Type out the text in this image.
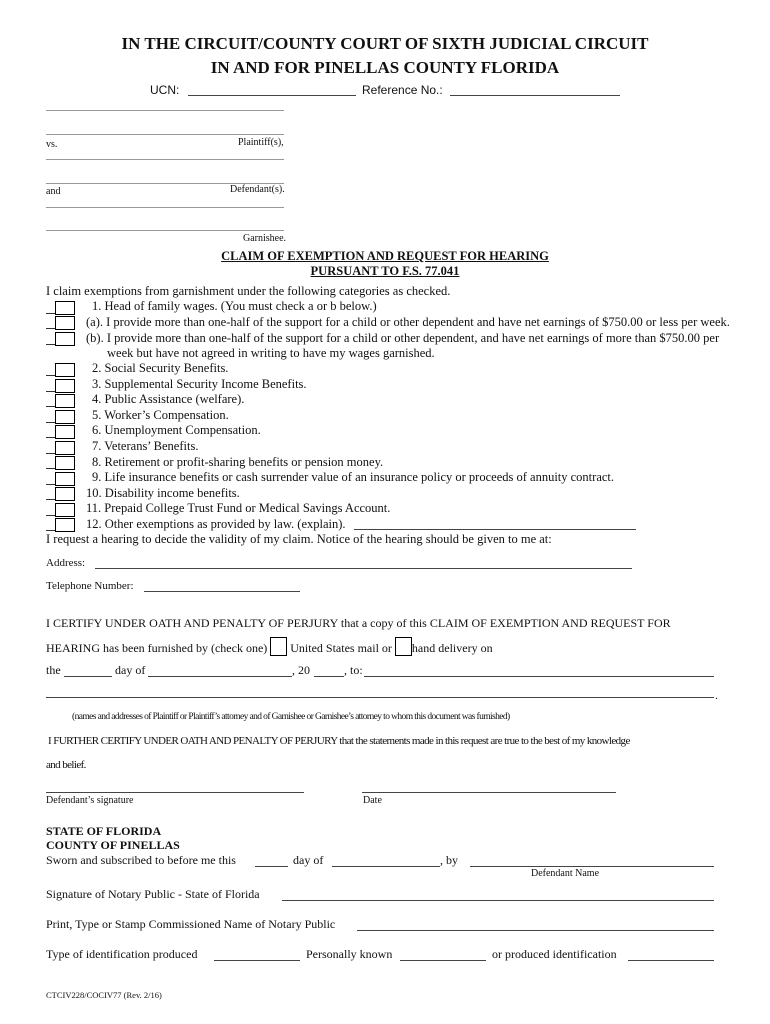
IN THE CIRCUIT/COUNTY COURT OF SIXTH JUDICIAL CIRCUIT
IN AND FOR PINELLAS COUNTY FLORIDA
UCN:	Reference No.:
Plaintiff(s),
vs.
and	Defendant(s).
Garnishee.
CLAIM OF EXEMPTION AND REQUEST FOR HEARING
PURSUANT TO F.S. 77.041
I claim exemptions from garnishment under the following categories as checked.
1. Head of family wages. (You must check a or b below.)
(a). I provide more than one-half of the support for a child or other dependent and have net earnings of $750.00 or less per week.
(b). I provide more than one-half of the support for a child or other dependent, and have net earnings of more than $750.00 per
week but have not agreed in writing to have my wages garnished.
2. Social Security Benefits.
3. Supplemental Security Income Benefits.
4. Public Assistance (welfare).
5. Worker’s Compensation.
6. Unemployment Compensation.
7. Veterans’ Benefits.
8. Retirement or profit-sharing benefits or pension money.
9. Life insurance benefits or cash surrender value of an insurance policy or proceeds of annuity contract.
10. Disability income benefits.
11. Prepaid College Trust Fund or Medical Savings Account.
12. Other exemptions as provided by law. (explain).
I request a hearing to decide the validity of my claim. Notice of the hearing should be given to me at:
Address:
Telephone Number:
I CERTIFY UNDER OATH AND PENALTY OF PERJURY that a copy of this CLAIM OF EXEMPTION AND REQUEST FOR
HEARING has been furnished by (check one) United States mail or hand delivery on
the	day of	, 20	, to:
.
(names and addresses of Plaintiff or Plaintiff’s attorney and of Garnishee or Garnishee’s attorney to whom this document was furnished)
I FURTHER CERTIFY UNDER OATH AND PENALTY OF PERJURY that the statements made in this request are true to the best of my knowledge
and belief.
Defendant’s signature	Date
STATE OF FLORIDA
COUNTY OF PINELLAS
Sworn and subscribed to before me this	day of	, by
Defendant Name
Signature of Notary Public - State of Florida
Print, Type or Stamp Commissioned Name of Notary Public
Type of identification produced	Personally known	or produced identification
CTCIV228/COCIV77 (Rev. 2/16)
